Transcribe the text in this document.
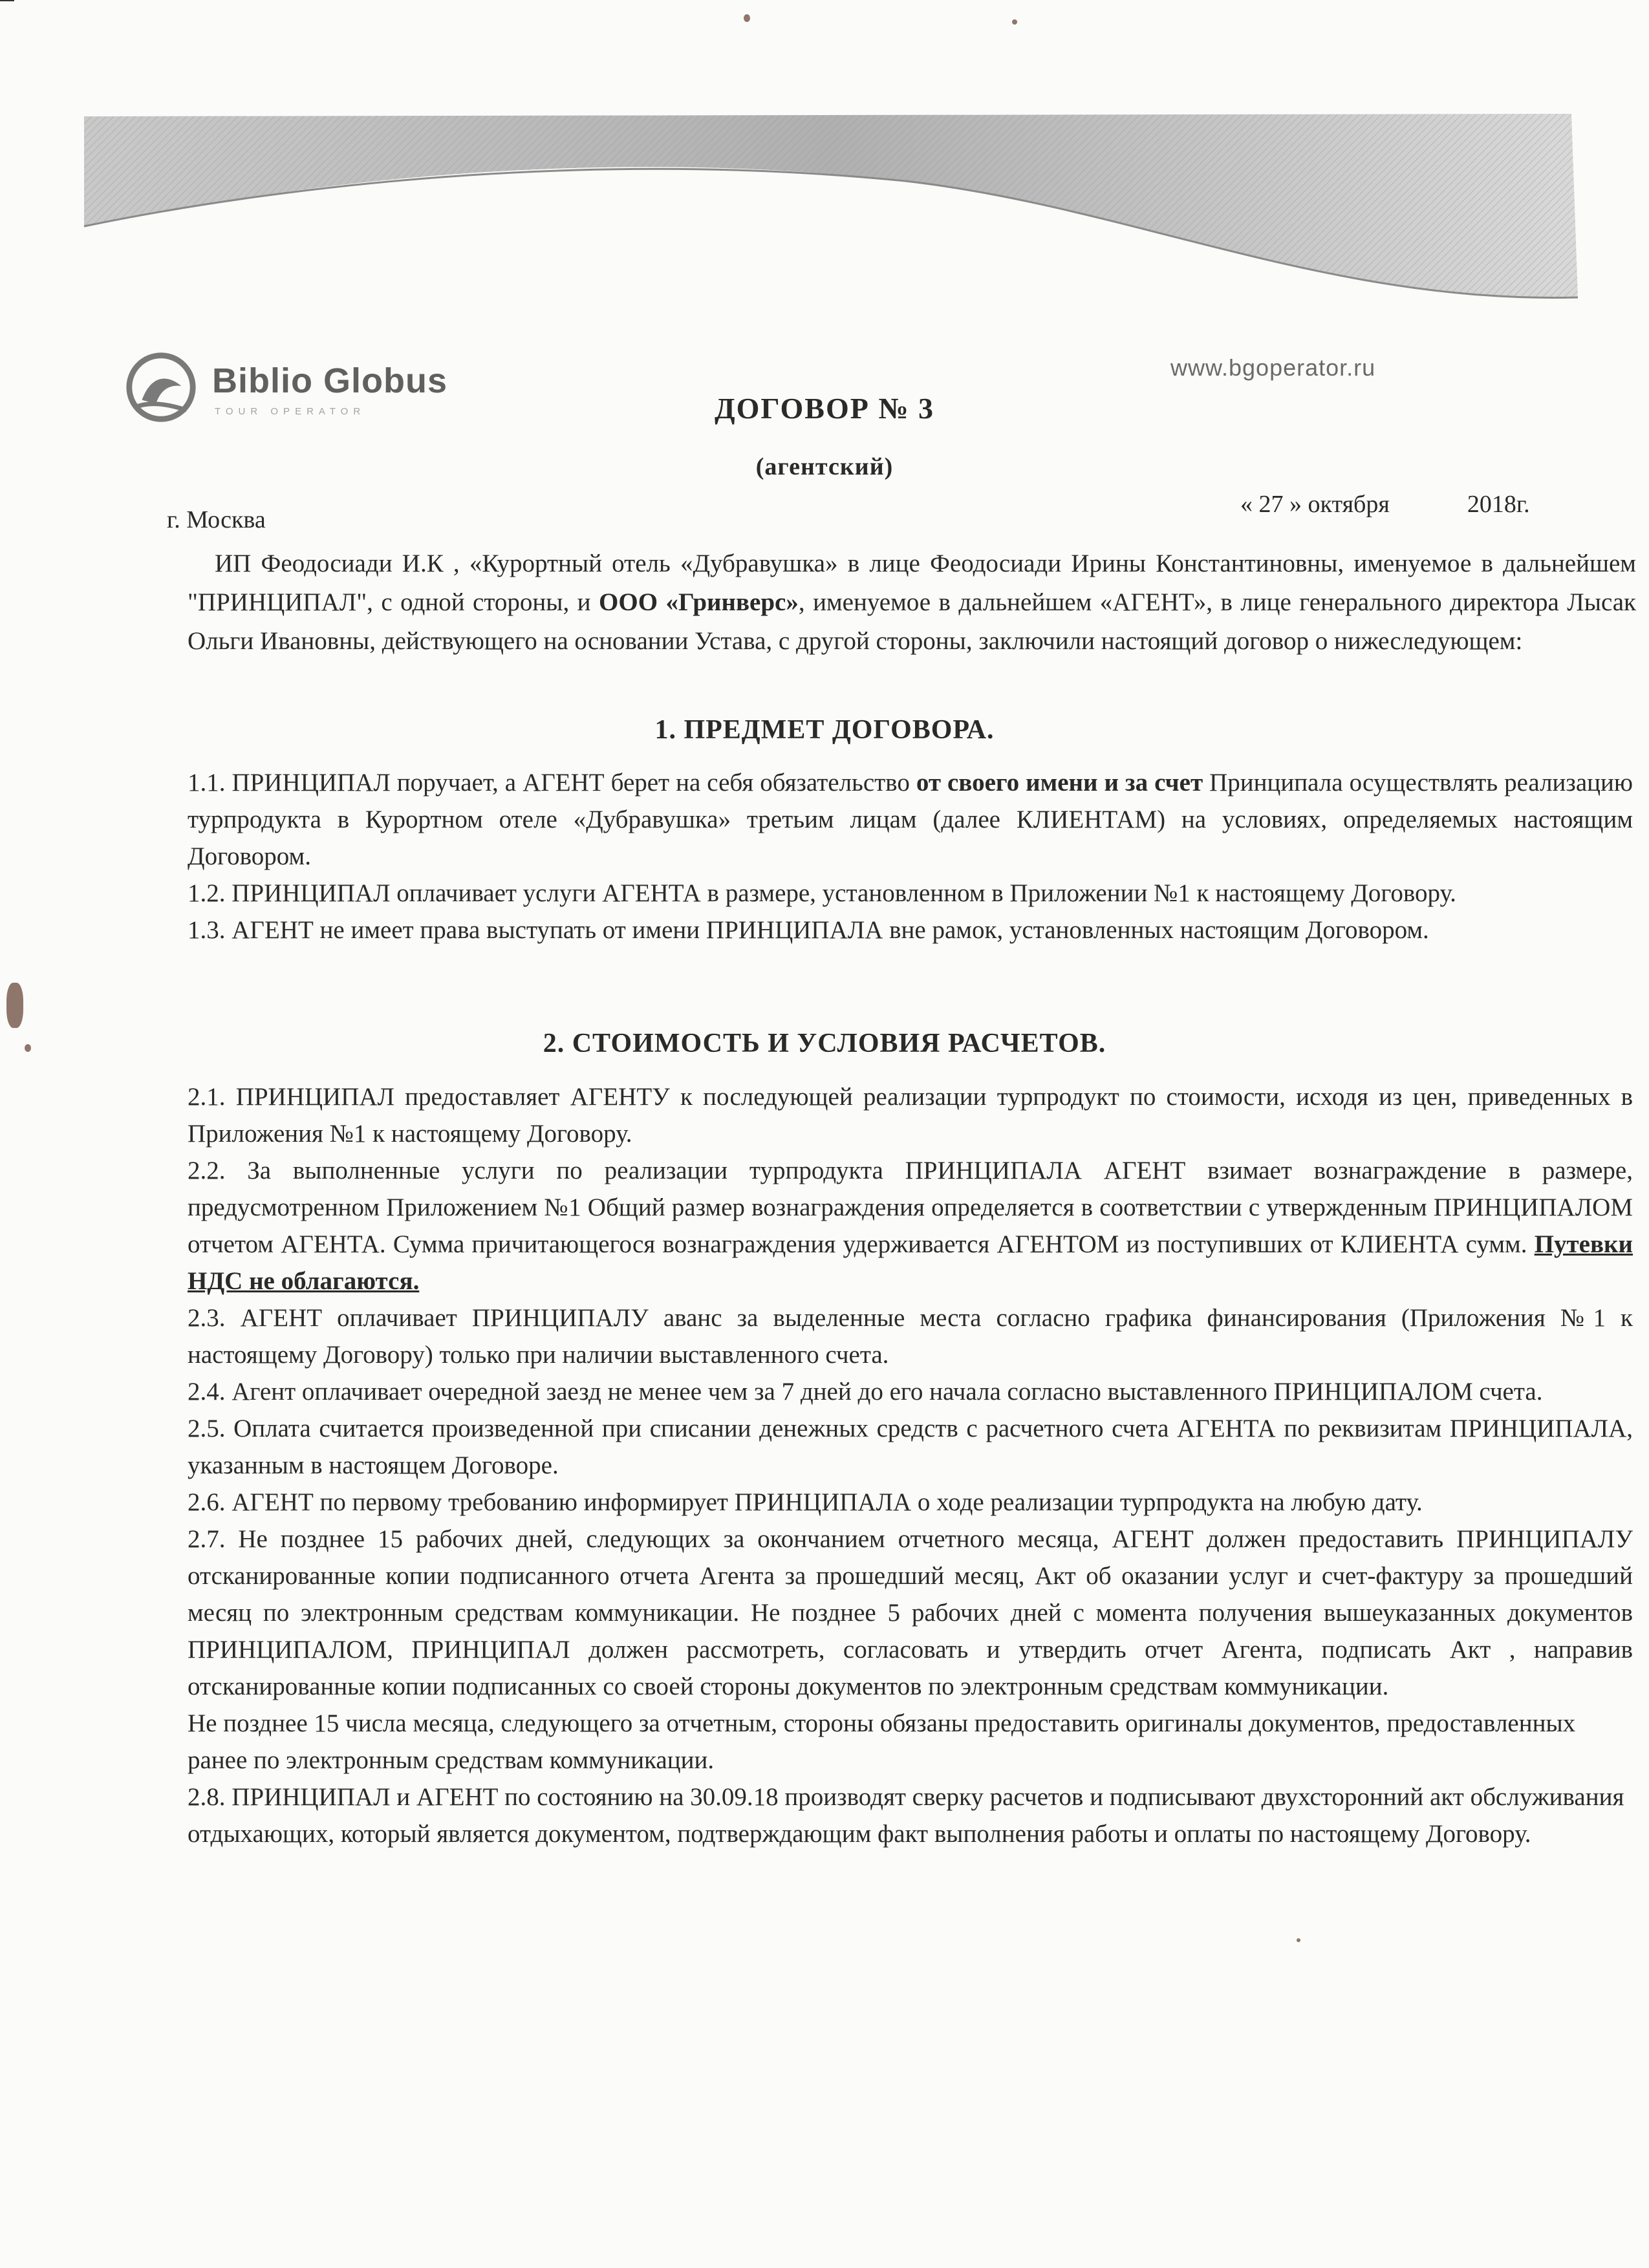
Biblio Globus
TOUR OPERATOR
www.bgoperator.ru
ДОГОВОР № 3
(агентский)
« 27 » октября	2018г.
г. Москва
ИП Феодосиади И.К , «Курортный отель «Дубравушка» в лице Феодосиади Ирины Константиновны, именуемое в дальнейшем "ПРИНЦИПАЛ", с одной стороны, и ООО «Гринверс», именуемое в дальнейшем «АГЕНТ», в лице генерального директора Лысак Ольги Ивановны, действующего на основании Устава, с другой стороны, заключили настоящий договор о нижеследующем:
1. ПРЕДМЕТ ДОГОВОРА.

1.1. ПРИНЦИПАЛ поручает, а АГЕНТ берет на себя обязательство от своего имени и за счет Принципала осуществлять реализацию турпродукта в Курортном отеле «Дубравушка» третьим лицам (далее КЛИЕНТАМ) на условиях, определяемых настоящим Договором.

1.2. ПРИНЦИПАЛ оплачивает услуги АГЕНТА в размере, установленном в Приложении №1 к настоящему Договору.

1.3. АГЕНТ не имеет права выступать от имени ПРИНЦИПАЛА вне рамок, установленных настоящим Договором.

2. СТОИМОСТЬ И УСЛОВИЯ РАСЧЕТОВ.

2.1. ПРИНЦИПАЛ предоставляет АГЕНТУ к последующей реализации турпродукт по стоимости, исходя из цен, приведенных в Приложения №1 к настоящему Договору.

2.2. За выполненные услуги по реализации турпродукта ПРИНЦИПАЛА АГЕНТ взимает вознаграждение в размере, предусмотренном Приложением №1 Общий размер вознаграждения определяется в соответствии с утвержденным ПРИНЦИПАЛОМ отчетом АГЕНТА. Сумма причитающегося вознаграждения удерживается АГЕНТОМ из поступивших от КЛИЕНТА сумм. Путевки НДС не облагаются.

2.3. АГЕНТ оплачивает ПРИНЦИПАЛУ аванс за выделенные места согласно графика финансирования (Приложения №1 к настоящему Договору) только при наличии выставленного счета.

2.4. Агент оплачивает очередной заезд не менее чем за 7 дней до его начала согласно выставленного ПРИНЦИПАЛОМ счета.

2.5. Оплата считается произведенной при списании денежных средств с расчетного счета АГЕНТА по реквизитам ПРИНЦИПАЛА, указанным в настоящем Договоре.

2.6. АГЕНТ по первому требованию информирует ПРИНЦИПАЛА о ходе реализации турпродукта на любую дату.

2.7. Не позднее 15 рабочих дней, следующих за окончанием отчетного месяца, АГЕНТ должен предоставить ПРИНЦИПАЛУ отсканированные копии подписанного отчета Агента за прошедший месяц, Акт об оказании услуг и счет-фактуру за прошедший месяц по электронным средствам коммуникации. Не позднее 5 рабочих дней с момента получения вышеуказанных документов ПРИНЦИПАЛОМ, ПРИНЦИПАЛ должен рассмотреть, согласовать и утвердить отчет Агента, подписать Акт , направив отсканированные копии подписанных со своей стороны документов по электронным средствам коммуникации.

Не позднее 15 числа месяца, следующего за отчетным, стороны обязаны предоставить оригиналы документов, предоставленных ранее по электронным средствам коммуникации.

2.8. ПРИНЦИПАЛ и АГЕНТ по состоянию на 30.09.18 производят сверку расчетов и подписывают двухсторонний акт обслуживания отдыхающих, который является документом, подтверждающим факт выполнения работы и оплаты по настоящему Договору.
